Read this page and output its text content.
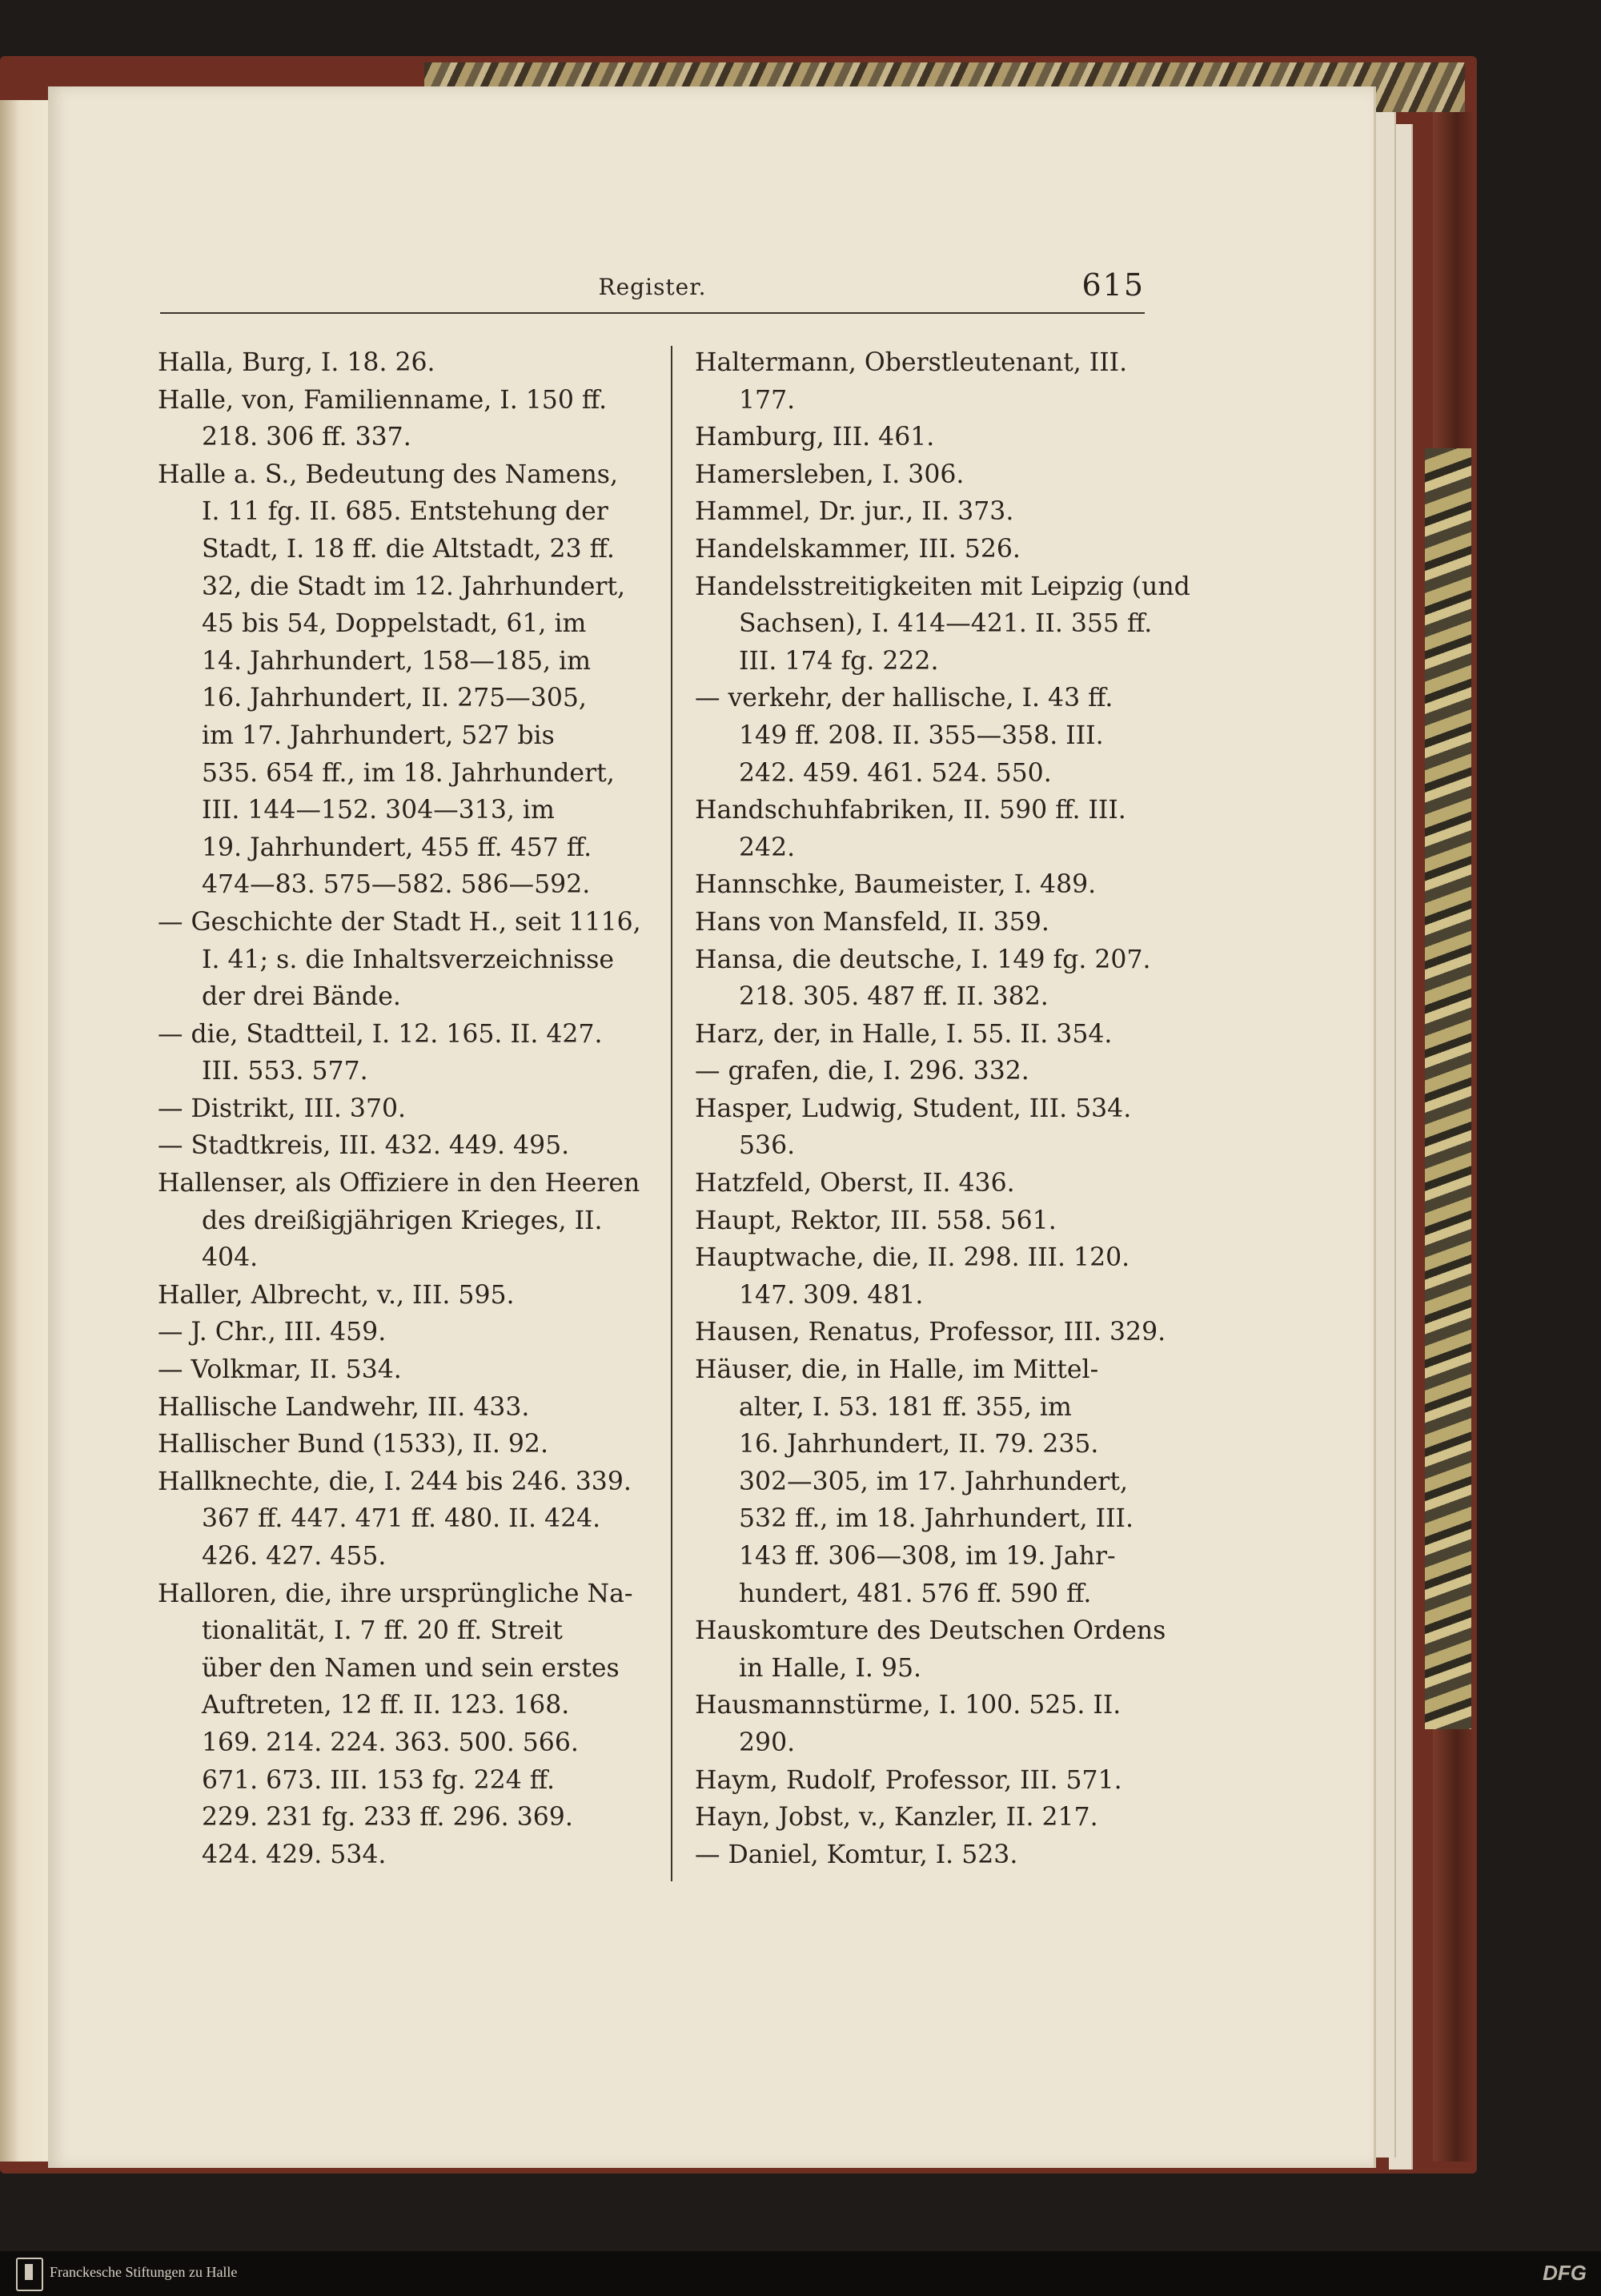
Register.	615
Halla, Burg, I. 18. 26.
Halle, von, Familienname, I. 150 ff.
218. 306 ff. 337.
Halle a. S., Bedeutung des Namens,
I. 11 fg. II. 685. Entstehung der
Stadt, I. 18 ff. die Altstadt, 23 ff.
32, die Stadt im 12. Jahrhundert,
45 bis 54, Doppelstadt, 61, im
14. Jahrhundert, 158—185, im
16. Jahrhundert, II. 275—305,
im 17. Jahrhundert, 527 bis
535. 654 ff., im 18. Jahrhundert,
III. 144—152. 304—313, im
19. Jahrhundert, 455 ff. 457 ff.
474—83. 575—582. 586—592.
— Geschichte der Stadt H., seit 1116,
I. 41; s. die Inhaltsverzeichnisse
der drei Bände.
— die, Stadtteil, I. 12. 165. II. 427.
III. 553. 577.
— Distrikt, III. 370.
— Stadtkreis, III. 432. 449. 495.
Hallenser, als Offiziere in den Heeren
des dreißigjährigen Krieges, II.
404.
Haller, Albrecht, v., III. 595.
— J. Chr., III. 459.
— Volkmar, II. 534.
Hallische Landwehr, III. 433.
Hallischer Bund (1533), II. 92.
Hallknechte, die, I. 244 bis 246. 339.
367 ff. 447. 471 ff. 480. II. 424.
426. 427. 455.
Halloren, die, ihre ursprüngliche Na-
tionalität, I. 7 ff. 20 ff. Streit
über den Namen und sein erstes
Auftreten, 12 ff. II. 123. 168.
169. 214. 224. 363. 500. 566.
671. 673. III. 153 fg. 224 ff.
229. 231 fg. 233 ff. 296. 369.
424. 429. 534.
Haltermann, Oberstleutenant, III.
177.
Hamburg, III. 461.
Hamersleben, I. 306.
Hammel, Dr. jur., II. 373.
Handelskammer, III. 526.
Handelsstreitigkeiten mit Leipzig (und
Sachsen), I. 414—421. II. 355 ff.
III. 174 fg. 222.
— verkehr, der hallische, I. 43 ff.
149 ff. 208. II. 355—358. III.
242. 459. 461. 524. 550.
Handschuhfabriken, II. 590 ff. III.
242.
Hannschke, Baumeister, I. 489.
Hans von Mansfeld, II. 359.
Hansa, die deutsche, I. 149 fg. 207.
218. 305. 487 ff. II. 382.
Harz, der, in Halle, I. 55. II. 354.
— grafen, die, I. 296. 332.
Hasper, Ludwig, Student, III. 534.
536.
Hatzfeld, Oberst, II. 436.
Haupt, Rektor, III. 558. 561.
Hauptwache, die, II. 298. III. 120.
147. 309. 481.
Hausen, Renatus, Professor, III. 329.
Häuser, die, in Halle, im Mittel-
alter, I. 53. 181 ff. 355, im
16. Jahrhundert, II. 79. 235.
302—305, im 17. Jahrhundert,
532 ff., im 18. Jahrhundert, III.
143 ff. 306—308, im 19. Jahr-
hundert, 481. 576 ff. 590 ff.
Hauskomture des Deutschen Ordens
in Halle, I. 95.
Hausmannstürme, I. 100. 525. II.
290.
Haym, Rudolf, Professor, III. 571.
Hayn, Jobst, v., Kanzler, II. 217.
— Daniel, Komtur, I. 523.
Franckesche Stiftungen zu Halle	DFG
